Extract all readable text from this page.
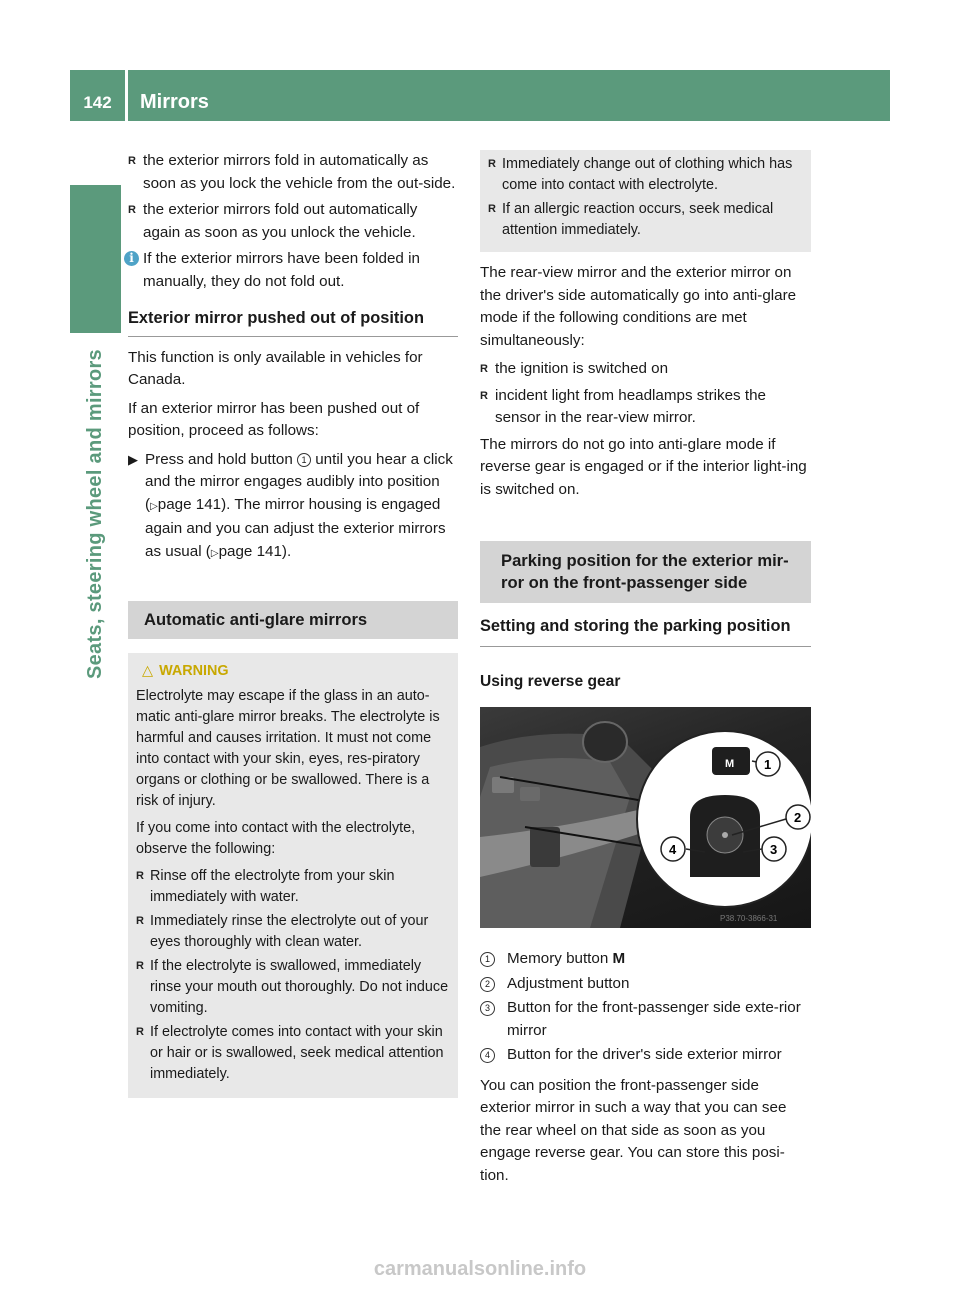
142	Mirrors
Seats, steering wheel and mirrors
R the exterior mirrors fold in automatically as soon as you lock the vehicle from the out-side.
R the exterior mirrors fold out automatically again as soon as you unlock the vehicle.
i If the exterior mirrors have been folded in manually, they do not fold out.
Exterior mirror pushed out of position

This function is only available in vehicles for Canada.

If an exterior mirror has been pushed out of position, proceed as follows:

▶ Press and hold button 1 until you hear a click and the mirror engages audibly into position (▷page 141). The mirror housing is engaged again and you can adjust the exterior mirrors as usual (▷page 141).
Automatic anti-glare mirrors
△ WARNING

Electrolyte may escape if the glass in an auto-matic anti-glare mirror breaks. The electrolyte is harmful and causes irritation. It must not come into contact with your skin, eyes, res-piratory organs or clothing or be swallowed. There is a risk of injury.

If you come into contact with the electrolyte, observe the following:

R Rinse off the electrolyte from your skin immediately with water.
R Immediately rinse the electrolyte out of your eyes thoroughly with clean water.
R If the electrolyte is swallowed, immediately rinse your mouth out thoroughly. Do not induce vomiting.
R If electrolyte comes into contact with your skin or hair or is swallowed, seek medical attention immediately.
R Immediately change out of clothing which has come into contact with electrolyte.
R If an allergic reaction occurs, seek medical attention immediately.

The rear-view mirror and the exterior mirror on the driver's side automatically go into anti-glare mode if the following conditions are met simultaneously:

R the ignition is switched on
R incident light from headlamps strikes the sensor in the rear-view mirror.

The mirrors do not go into anti-glare mode if reverse gear is engaged or if the interior light-ing is switched on.

Parking position for the exterior mir-ror on the front-passenger side
Setting and storing the parking position
Using reverse gear
M 1
2
3
4
P38.70-3866-31
1	Memory button M
2	Adjustment button
3	Button for the front-passenger side exte-rior mirror
4	Button for the driver's side exterior mirror

You can position the front-passenger side exterior mirror in such a way that you can see the rear wheel on that side as soon as you engage reverse gear. You can store this posi-tion.

carmanualsonline.info
